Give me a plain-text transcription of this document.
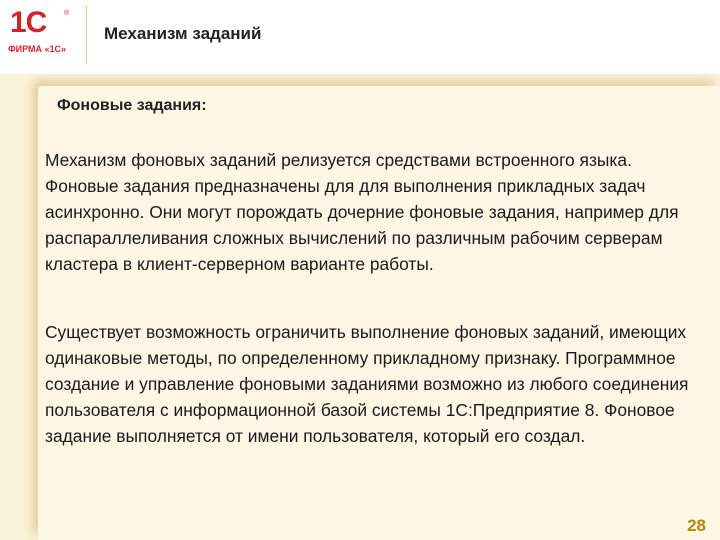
1С	®
ФИРМА «1С»
Механизм заданий
Фоновые задания:

Механизм фоновых заданий релизуется средствами встроенного языка. Фоновые задания предназначены для для выполнения прикладных задач асинхронно. Они могут порождать дочерние фоновые задания, например для распараллеливания сложных вычислений по различным рабочим серверам кластера в клиент-серверном варианте работы.

Существует возможность ограничить выполнение фоновых заданий, имеющих одинаковые методы, по определенному прикладному признаку. Программное создание и управление фоновыми заданиями возможно из любого соединения пользователя с информационной базой системы 1С:Предприятие 8. Фоновое задание выполняется от имени пользователя, который его создал.

28
